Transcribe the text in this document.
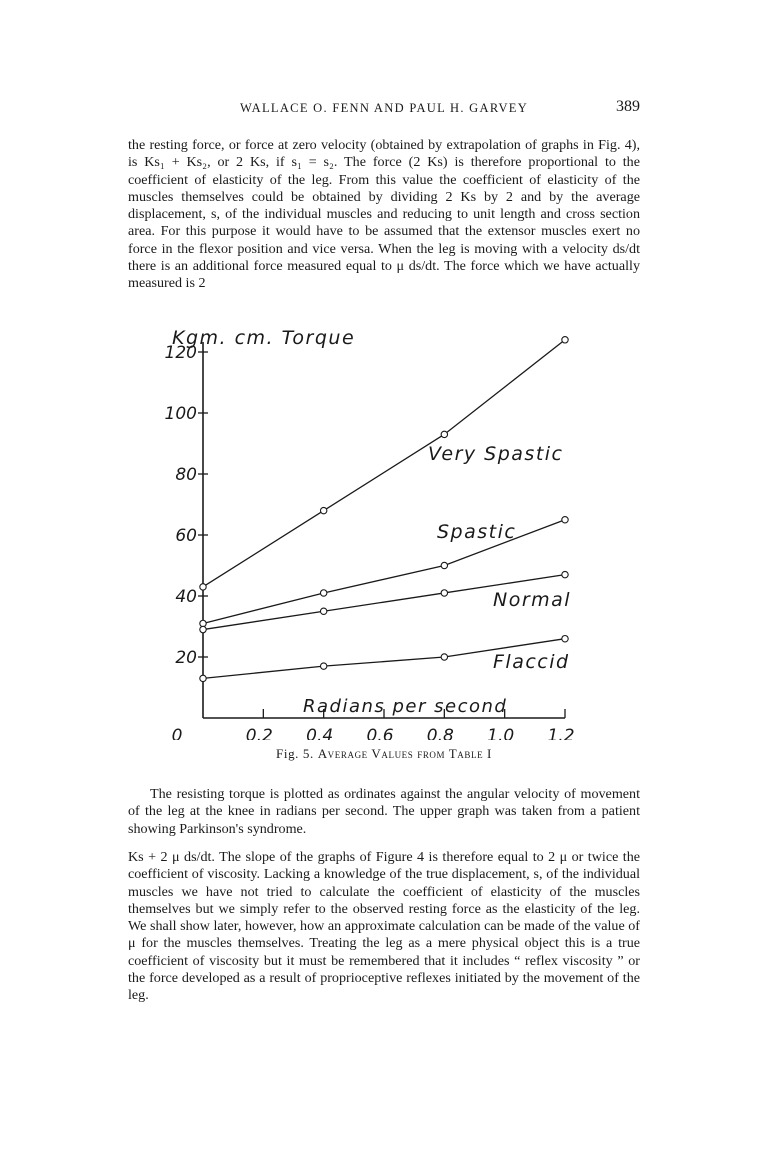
WALLACE O. FENN AND PAUL H. GARVEY	389

the resting force, or force at zero velocity (obtained by extrapolation of graphs in Fig. 4), is Ks₁ + Ks₂, or 2 Ks, if s₁ = s₂. The force (2 Ks) is therefore proportional to the coefficient of elasticity of the leg. From this value the coefficient of elasticity of the muscles themselves could be obtained by dividing 2 Ks by 2 and by the average displacement, s, of the individual muscles and reducing to unit length and cross section area. For this purpose it would have to be assumed that the extensor muscles exert no force in the flexor position and vice versa. When the leg is moving with a velocity ds/dt there is an additional force measured equal to μ ds/dt. The force which we have actually measured is 2

20
40
60
80
100
120
0	0.2 0.4 0.6 0.8 1.0 1.2
Kgm. cm. Torque
Radians per second
Very Spastic
Spastic
Normal
Flaccid
Fig. 5. Average Values from Table I

The resisting torque is plotted as ordinates against the angular velocity of movement of the leg at the knee in radians per second. The upper graph was taken from a patient showing Parkinson's syndrome.

Ks + 2 μ ds/dt. The slope of the graphs of Figure 4 is therefore equal to 2 μ or twice the coefficient of viscosity. Lacking a knowledge of the true displacement, s, of the individual muscles we have not tried to calculate the coefficient of elasticity of the muscles themselves but we simply refer to the observed resting force as the elasticity of the leg. We shall show later, however, how an approximate calculation can be made of the value of μ for the muscles themselves. Treating the leg as a mere physical object this is a true coefficient of viscosity but it must be remembered that it includes “ reflex viscosity ” or the force developed as a result of proprioceptive reflexes initiated by the movement of the leg.
